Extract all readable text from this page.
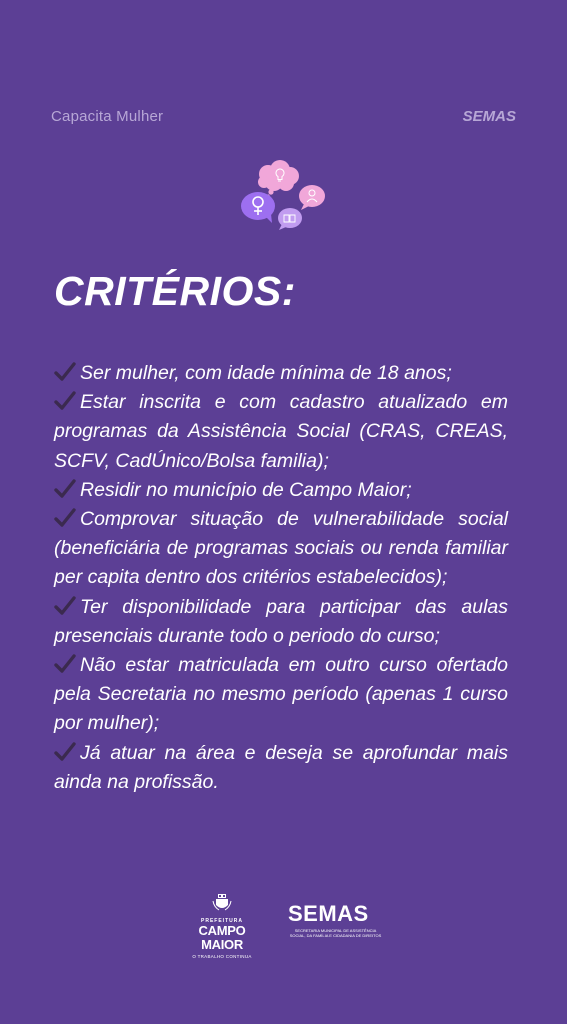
Capacita Mulher	SEMAS
CRITÉRIOS:

Ser mulher, com idade mínima de 18 anos;

Estar inscrita e com cadastro atualizado em programas da Assistência Social (CRAS, CREAS, SCFV, CadÚnico/Bolsa familia);

Residir no município de Campo Maior;

Comprovar situação de vulnerabilidade social (beneficiária de programas sociais ou renda familiar per capita dentro dos critérios estabelecidos);

Ter disponibilidade para participar das aulas presenciais durante todo o periodo do curso;

Não estar matriculada em outro curso ofertado pela Secretaria no mesmo período (apenas 1 curso por mulher);

Já atuar na área e deseja se aprofundar mais ainda na profissão.

PREFEITURA
CAMPO MAIOR
O TRABALHO CONTINUA
SEMAS
SECRETARIA MUNICIPAL DE ASSISTÊNCIA SOCIAL, DA FAMÍLIA E CIDADANIA DE DIREITOS
